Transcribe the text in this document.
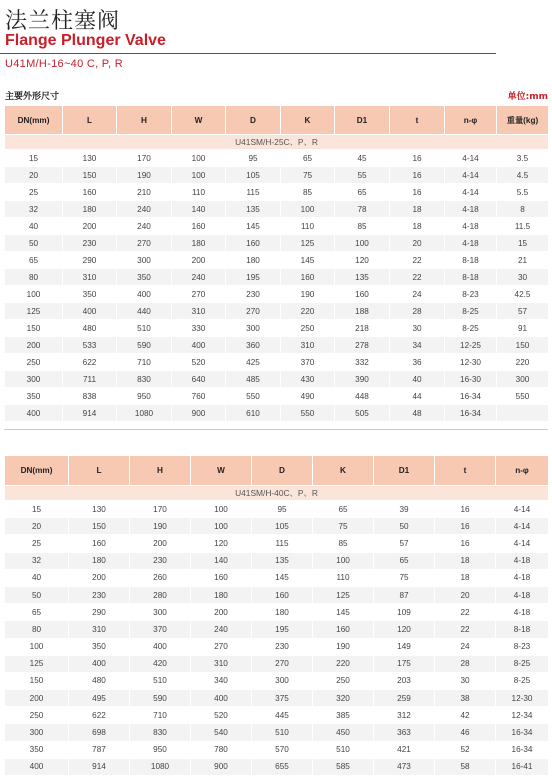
法兰柱塞阀
Flange Plunger Valve
U41M/H-16~40 C, P, R
主要外形尺寸	单位:mm
DN(mm)	L	H	W	D	K	D1	t	n-φ	重量(kg)
U41SM/H-25C、P、R									
15	130	170	100	95	65	45	16	4-14	3.5
20	150	190	100	105	75	55	16	4-14	4.5
25	160	210	110	115	85	65	16	4-14	5.5
32	180	240	140	135	100	78	18	4-18	8
40	200	240	160	145	110	85	18	4-18	11.5
50	230	270	180	160	125	100	20	4-18	15
65	290	300	200	180	145	120	22	8-18	21
80	310	350	240	195	160	135	22	8-18	30
100	350	400	270	230	190	160	24	8-23	42.5
125	400	440	310	270	220	188	28	8-25	57
150	480	510	330	300	250	218	30	8-25	91
200	533	590	400	360	310	278	34	12-25	150
250	622	710	520	425	370	332	36	12-30	220
300	711	830	640	485	430	390	40	16-30	300
350	838	950	760	550	490	448	44	16-34	550
400	914	1080	900	610	550	505	48	16-34	
DN(mm)	L	H	W	D	K	D1	t	n-φ
U41SM/H-40C、P、R								
15	130	170	100	95	65	39	16	4-14
20	150	190	100	105	75	50	16	4-14
25	160	200	120	115	85	57	16	4-14
32	180	230	140	135	100	65	18	4-18
40	200	260	160	145	110	75	18	4-18
50	230	280	180	160	125	87	20	4-18
65	290	300	200	180	145	109	22	4-18
80	310	370	240	195	160	120	22	8-18
100	350	400	270	230	190	149	24	8-23
125	400	420	310	270	220	175	28	8-25
150	480	510	340	300	250	203	30	8-25
200	495	590	400	375	320	259	38	12-30
250	622	710	520	445	385	312	42	12-34
300	698	830	540	510	450	363	46	16-34
350	787	950	780	570	510	421	52	16-34
400	914	1080	900	655	585	473	58	16-41
